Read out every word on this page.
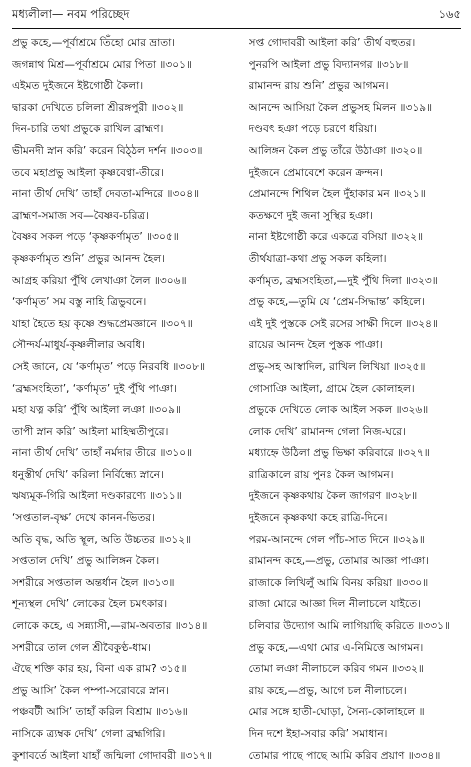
মধ্যলীলা— নবম পরিচ্ছেদ	১৬৫
প্রভু কহে,—পূর্বাশ্রমে তিঁহো মোর ভ্রাতা।
জগন্নাথ মিশ্র—পূর্বাশ্রমে মোর পিতা ॥৩০১॥
এইমত দুইজনে ইষ্টগোষ্ঠী কৈলা।
দ্বারকা দেখিতে চলিলা শ্রীরঙ্গপুরী ॥৩০২॥
দিন-চারি তথা প্রভুকে রাখিল ব্রাহ্মণ।
ভীমনদী স্নান করি’ করেন বিঠ্‌ঠল দর্শন ॥৩০৩॥
তবে মহাপ্রভু আইলা কৃষ্ণবেণ্বা-তীরে।
নানা তীর্থ দেখি’ তাহাঁ দেবতা-মন্দিরে ॥৩০৪॥
ব্রাহ্মণ-সমাজ সব—বৈষ্ণব-চরিত্র।
বৈষ্ণব সকল পড়ে ‘কৃষ্ণকর্ণামৃত’ ॥৩০৫॥
কৃষ্ণকর্ণামৃত শুনি’ প্রভুর আনন্দ হৈল।
আগ্রহ করিয়া পুঁথি লেখাঞা লৈল ॥৩০৬॥
‘কর্ণামৃত’ সম বস্তু নাহি ত্রিভুবনে।
যাহা হৈতে হয় কৃষ্ণে শুদ্ধপ্রেমজ্ঞানে ॥৩০৭॥
সৌন্দর্য-মাধুর্য-কৃষ্ণলীলার অবধি।
সেই জানে, যে ‘কর্ণামৃত’ পড়ে নিরবধি ॥৩০৮॥
‘ব্রহ্মসংহিতা’, ‘কর্ণামৃত’ দুই পুঁথি পাঞা।
মহা যত্ন করি’ পুঁথি আইলা লঞা ॥৩০৯॥
তাপী স্নান করি’ আইলা মাহিষ্মতীপুরে।
নানা তীর্থ দেখি’ তাহাঁ নর্মদার তীরে ॥৩১০॥
ধনুস্তীর্থ দেখি’ করিলা নির্বিন্ধ্যে স্নানে।
ঋষ্যমূক-গিরি আইলা দণ্ডকারণ্যে ॥৩১১॥
‘সপ্ততাল-বৃক্ষ’ দেখে কানন-ভিতর।
অতি বৃদ্ধ, অতি স্থূল, অতি উচ্চতর ॥৩১২॥
সপ্ততাল দেখি’ প্রভু আলিঙ্গন কৈল।
সশরীরে সপ্ততাল অন্তর্ধান হৈল ॥৩১৩॥
শূন্যস্থল দেখি’ লোকের হৈল চমৎকার।
লোকে কহে, এ সন্ন্যাসী,—রাম-অবতার ॥৩১৪॥
সশরীরে তাল গেল শ্রীবৈকুণ্ঠ-ধাম।
ঐছে শক্তি কার হয়, বিনা এক রাম? ৩১৫॥
প্রভু আসি’ কৈল পম্পা-সরোবরে স্নান।
পঞ্চবটী আসি’ তাহাঁ করিল বিশ্রাম ॥৩১৬॥
নাসিকে ত্র্যম্বক দেখি’ গেলা ব্রহ্মগিরি।
কুশাবর্তে আইলা যাহাঁ জন্মিলা গোদাবরী ॥৩১৭॥
সপ্ত গোদাবরী আইলা করি’ তীর্থ বহুতর।
পুনরপি আইলা প্রভু বিদ্যানগর ॥৩১৮॥
রামানন্দ রায় শুনি’ প্রভুর আগমন।
আনন্দে আসিয়া কৈল প্রভুসহ মিলন ॥৩১৯॥
দণ্ডবৎ হঞা পড়ে চরণে ধরিয়া।
আলিঙ্গন কৈল প্রভু তাঁরে উঠাঞা ॥৩২০॥
দুইজনে প্রেমাবেশে করেন ক্রন্দন।
প্রেমানন্দে শিথিল হৈল দুঁহাকার মন ॥৩২১॥
কতক্ষণে দুই জনা সুস্থির হঞা।
নানা ইষ্টগোষ্ঠী করে একত্রে বসিয়া ॥৩২২॥
তীর্থযাত্রা-কথা প্রভু সকল কহিলা।
কর্ণামৃত, ব্রহ্মসংহিতা,—দুই পুঁথি দিলা ॥৩২৩॥
প্রভু কহে,—তুমি যে ‘প্রেম-সিদ্ধান্ত’ কহিলে।
এই দুই পুস্তকে সেই রসের সাক্ষী দিলে ॥৩২৪॥
রায়ের আনন্দ হৈল পুস্তক পাঞা।
প্রভু-সহ আস্বাদিল, রাখিল লিখিয়া ॥৩২৫॥
গোসাঞি আইলা, গ্রামে হৈল কোলাহল।
প্রভুকে দেখিতে লোক আইল সকল ॥৩২৬॥
লোক দেখি’ রামানন্দ গেলা নিজ-ঘরে।
মধ্যাহ্নে উঠিলা প্রভু ভিক্ষা করিবারে ॥৩২৭॥
রাত্রিকালে রায় পুনঃ কৈল আগমন।
দুইজনে কৃষ্ণকথায় কৈল জাগরণ ॥৩২৮॥
দুইজনে কৃষ্ণকথা কহে রাত্রি-দিনে।
পরম-আনন্দে গেল পাঁচ-সাত দিনে ॥৩২৯॥
রামানন্দ কহে,—প্রভু, তোমার আজ্ঞা পাঞা।
রাজাকে লিখিলুঁ আমি বিনয় করিয়া ॥৩৩০॥
রাজা মোরে আজ্ঞা দিল নীলাচলে যাইতে।
চলিবার উদ্যোগ আমি লাগিয়াছি করিতে ॥৩৩১॥
প্রভু কহে,—এথা মোর এ-নিমিত্তে আগমন।
তোমা লঞা নীলাচলে করিব গমন ॥৩৩২॥
রায় কহে,—প্রভু, আগে চল নীলাচলে।
মোর সঙ্গে হাতী-ঘোড়া, সৈন্য-কোলাহলে ॥
দিন দশে ইহা-সবার করি’ সমাধান।
তোমার পাছে পাছে আমি করিব প্রয়াণ ॥৩৩৪॥
